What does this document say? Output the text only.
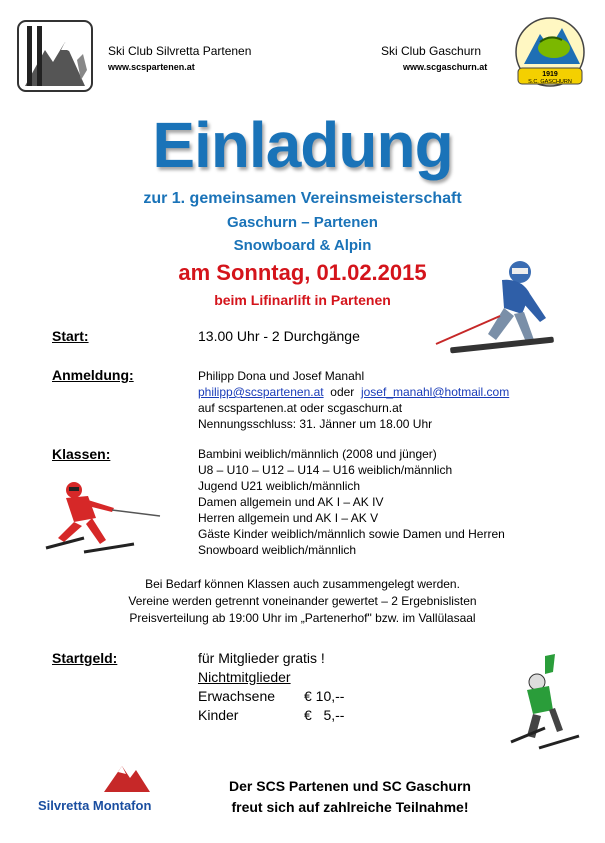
Ski Club Silvretta Partenen
www.scspartenen.at
Ski Club Gaschurn
www.scgaschurn.at
1919
S.C. GASCHURN
Einladung
zur 1. gemeinsamen Vereinsmeisterschaft
Gaschurn – Partenen
Snowboard & Alpin
am Sonntag, 01.02.2015
beim Lifinarlift in Partenen
Start:	13.00 Uhr - 2 Durchgänge
Anmeldung:	Philipp Dona und Josef Manahl
philipp@scspartenen.at oder josef_manahl@hotmail.com
auf scspartenen.at oder scgaschurn.at
Nennungsschluss: 31. Jänner um 18.00 Uhr
Klassen:	Bambini weiblich/männlich (2008 und jünger)
U8 – U10 – U12 – U14 – U16 weiblich/männlich
Jugend U21 weiblich/männlich
Damen allgemein und AK I – AK IV
Herren allgemein und AK I – AK V
Gäste Kinder weiblich/männlich sowie Damen und Herren
Snowboard weiblich/männlich
Bei Bedarf können Klassen auch zusammengelegt werden.
Vereine werden getrennt voneinander gewertet – 2 Ergebnislisten
Preisverteilung ab 19:00 Uhr im „Partenerhof" bzw. im Vallülasaal
Startgeld:	für Mitglieder gratis !
Nichtmitglieder
Erwachsene € 10,--
Kinder	€   5,--
Silvretta Montafon
Der SCS Partenen und SC Gaschurn
freut sich auf zahlreiche Teilnahme!
